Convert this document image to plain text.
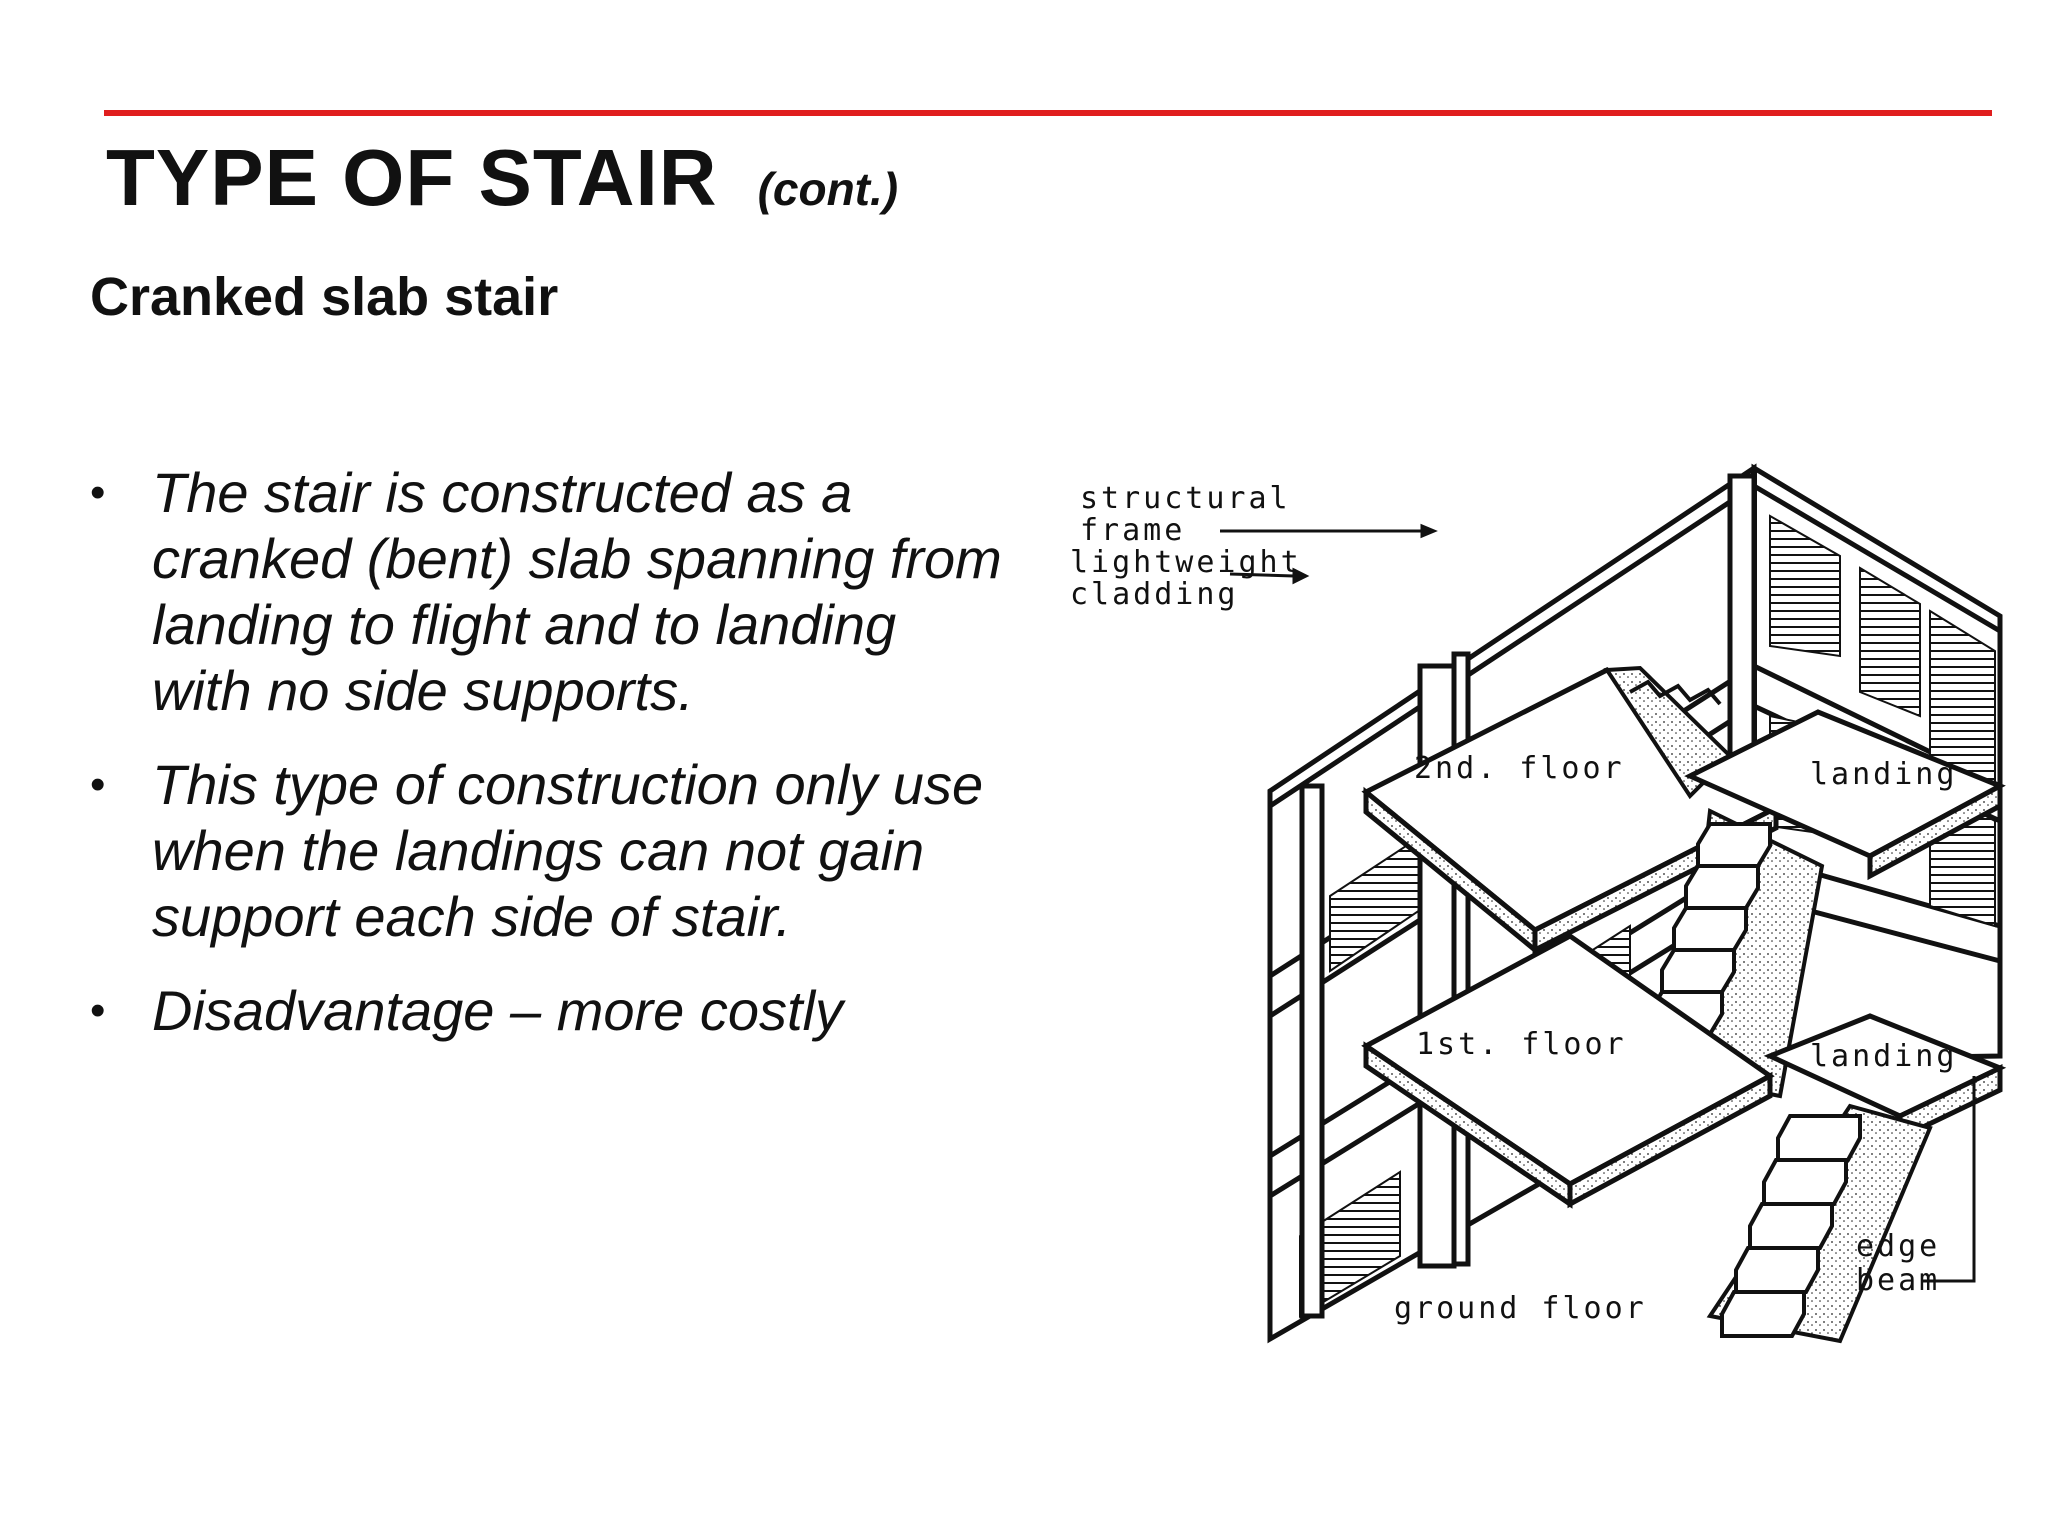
TYPE OF STAIR (cont.)
Cranked slab stair
• The stair is constructed as a cranked (bent) slab spanning from landing to flight and to landing with no side supports.
• This type of construction only use when the landings can not gain support each side of stair.
• Disadvantage – more costly
structural
frame
lightweight
cladding
2nd. floor	landing
1st. floor	landing
edge
beam
ground floor
